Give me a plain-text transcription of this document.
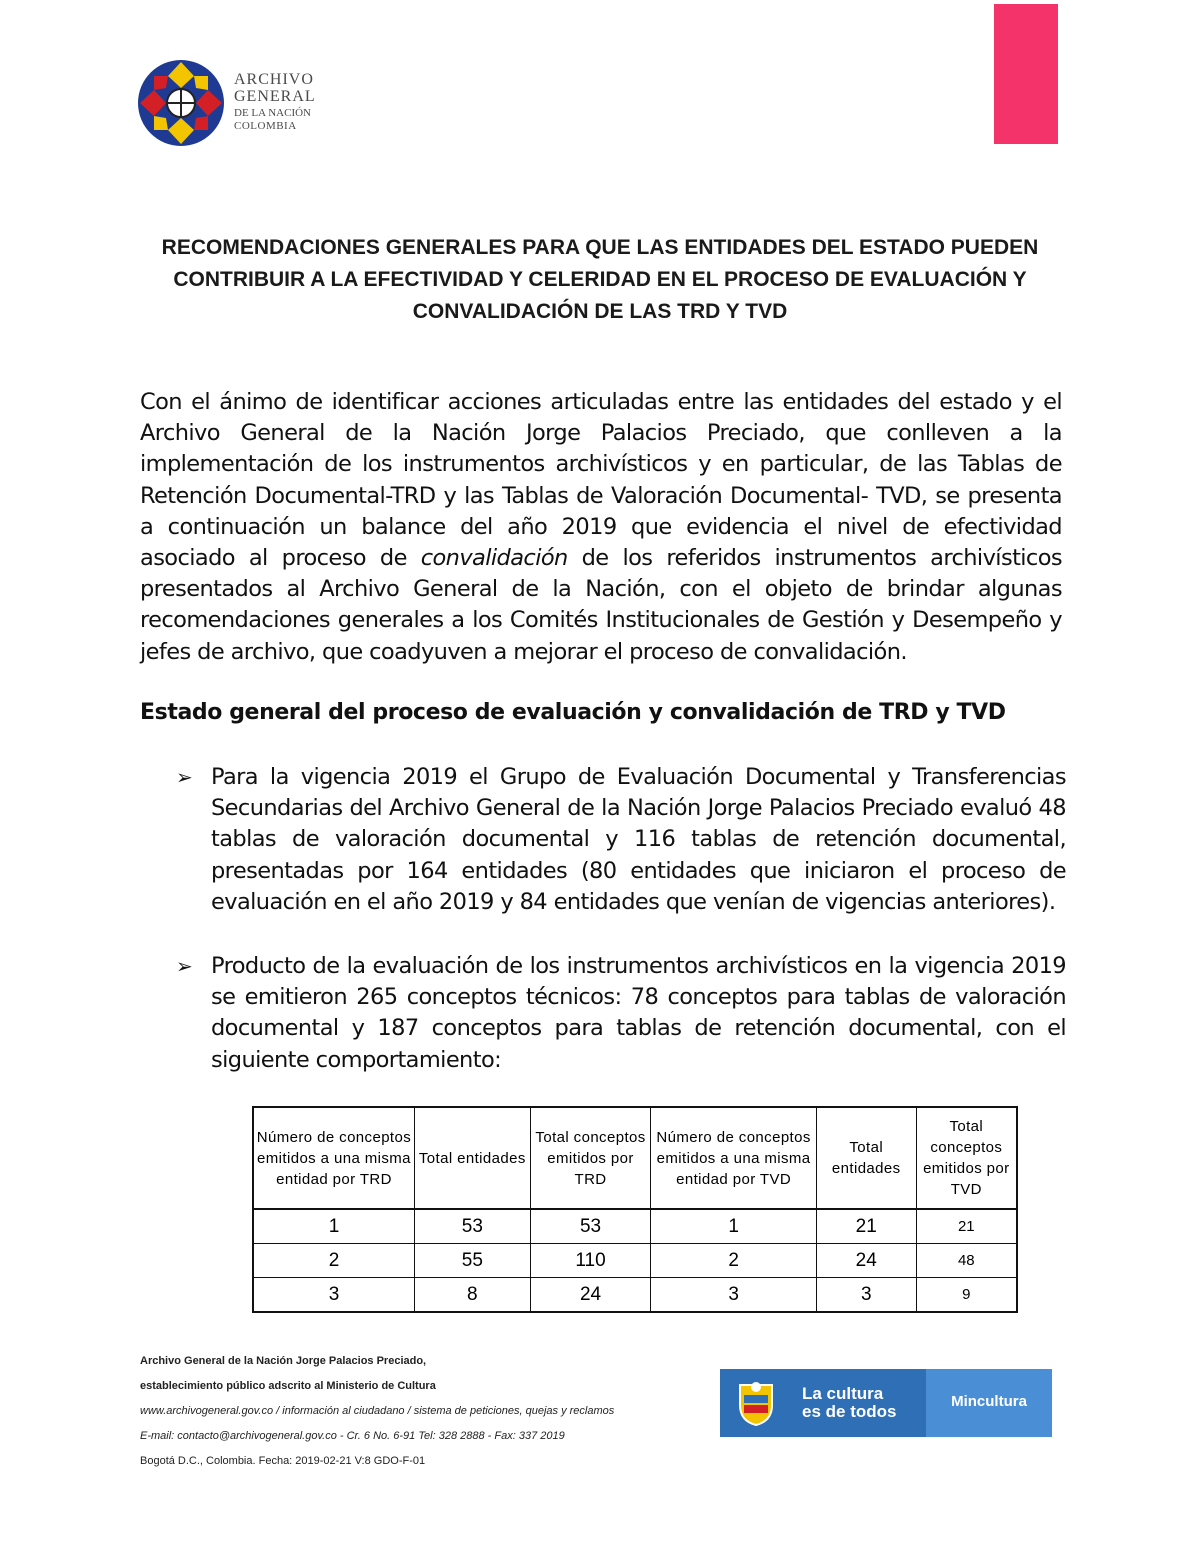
ARCHIVO
GENERAL
DE LA NACIÓN
COLOMBIA
RECOMENDACIONES GENERALES PARA QUE LAS ENTIDADES DEL ESTADO PUEDEN CONTRIBUIR A LA EFECTIVIDAD Y CELERIDAD EN EL PROCESO DE EVALUACIÓN Y CONVALIDACIÓN DE LAS TRD Y TVD
Con el ánimo de identificar acciones articuladas entre las entidades del estado y el Archivo General de la Nación Jorge Palacios Preciado, que conlleven a la implementación de los instrumentos archivísticos y en particular, de las Tablas de Retención Documental-TRD y las Tablas de Valoración Documental- TVD, se presenta a continuación un balance del año 2019 que evidencia el nivel de efectividad asociado al proceso de convalidación de los referidos instrumentos archivísticos presentados al Archivo General de la Nación, con el objeto de brindar algunas recomendaciones generales a los Comités Institucionales de Gestión y Desempeño y jefes de archivo, que coadyuven a mejorar el proceso de convalidación.
Estado general del proceso de evaluación y convalidación de TRD y TVD
➢ Para la vigencia 2019 el Grupo de Evaluación Documental y Transferencias Secundarias del Archivo General de la Nación Jorge Palacios Preciado evaluó 48 tablas de valoración documental y 116 tablas de retención documental, presentadas por 164 entidades (80 entidades que iniciaron el proceso de evaluación en el año 2019 y 84 entidades que venían de vigencias anteriores).
➢ Producto de la evaluación de los instrumentos archivísticos en la vigencia 2019 se emitieron 265 conceptos técnicos: 78 conceptos para tablas de valoración documental y 187 conceptos para tablas de retención documental, con el siguiente comportamiento:
Número de conceptos emitidos a una misma entidad por TRD	Total entidades	Total conceptos emitidos por TRD	Número de conceptos emitidos a una misma entidad por TVD	Total entidades	Total conceptos emitidos por TVD
1	53	53	1	21	21
2	55	110	2	24	48
3	8	24	3	3	9
Archivo General de la Nación Jorge Palacios Preciado,
establecimiento público adscrito al Ministerio de Cultura
www.archivogeneral.gov.co / información al ciudadano / sistema de peticiones, quejas y reclamos
E-mail: contacto@archivogeneral.gov.co - Cr. 6 No. 6-91 Tel: 328 2888 - Fax: 337 2019
Bogotá D.C., Colombia. Fecha: 2019-02-21 V:8 GDO-F-01
La cultura
es de todos
Mincultura
